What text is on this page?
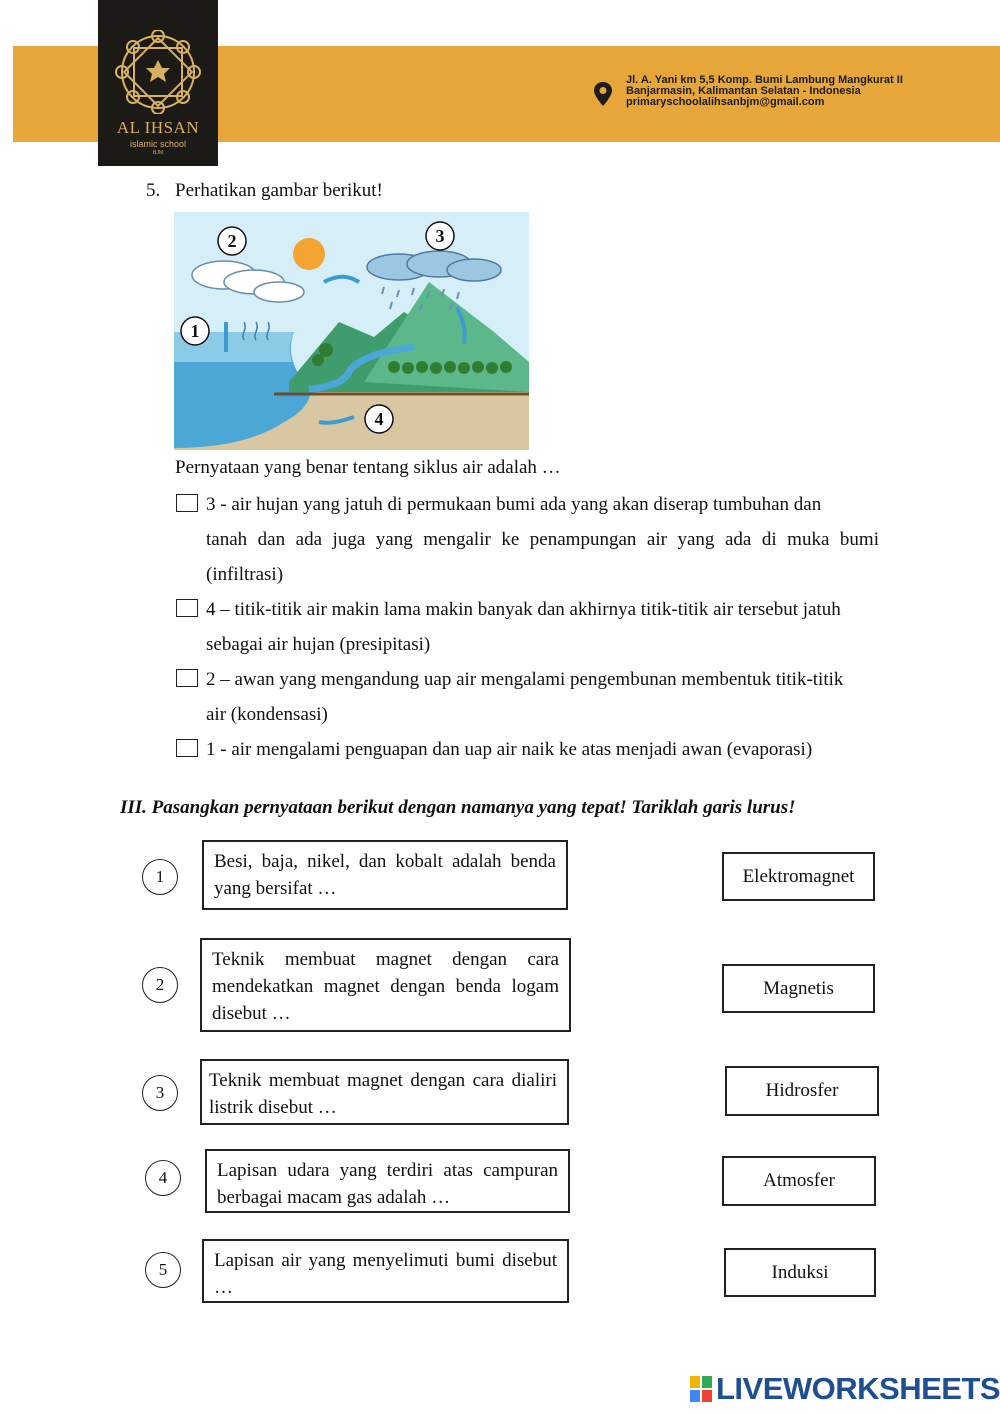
AL IHSAN
islamic school
BJM
Jl. A. Yani km 5,5 Komp. Bumi Lambung Mangkurat II
Banjarmasin, Kalimantan Selatan - Indonesia
primaryschoolalihsanbjm@gmail.com
5. Perhatikan gambar berikut!
1
2	3
4
Pernyataan yang benar tentang siklus air adalah …
3 - air hujan yang jatuh di permukaan bumi ada yang akan diserap tumbuhan dan
tanah dan ada juga yang mengalir ke penampungan air yang ada di muka bumi (infiltrasi)
4 – titik-titik air makin lama makin banyak dan akhirnya titik-titik air tersebut jatuh
sebagai air hujan (presipitasi)
2 – awan yang mengandung uap air mengalami pengembunan membentuk titik-titik
air (kondensasi)
1 - air mengalami penguapan dan uap air naik ke atas menjadi awan (evaporasi)
III. Pasangkan pernyataan berikut dengan namanya yang tepat! Tariklah garis lurus!
1
Besi, baja, nikel, dan kobalt adalah benda yang bersifat …
Elektromagnet
2
Teknik membuat magnet dengan cara mendekatkan magnet dengan benda logam disebut …
Magnetis
3
Teknik membuat magnet dengan cara dialiri listrik disebut …
Hidrosfer
4	Lapisan udara yang terdiri atas campuran berbagai macam gas adalah …
Atmosfer
5	Lapisan air yang menyelimuti bumi disebut …
Induksi
LIVEWORKSHEETS
